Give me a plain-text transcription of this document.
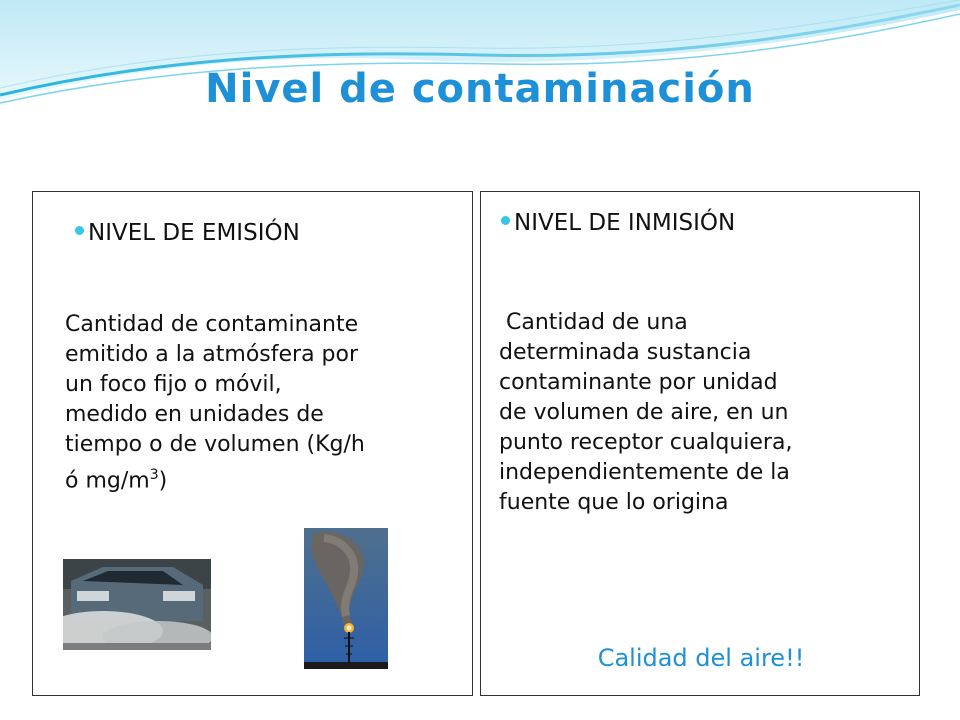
Nivel de contaminación
NIVEL DE EMISIÓN
Cantidad de contaminante
emitido a la atmósfera por
un foco fijo o móvil,
medido en unidades de
tiempo o de volumen (Kg/h
ó $mg/m^3$)
NIVEL DE INMISIÓN
Cantidad de una
determinada sustancia
contaminante por unidad
de volumen de aire, en un
punto receptor cualquiera,
independientemente de la
fuente que lo origina
Calidad del aire!!
